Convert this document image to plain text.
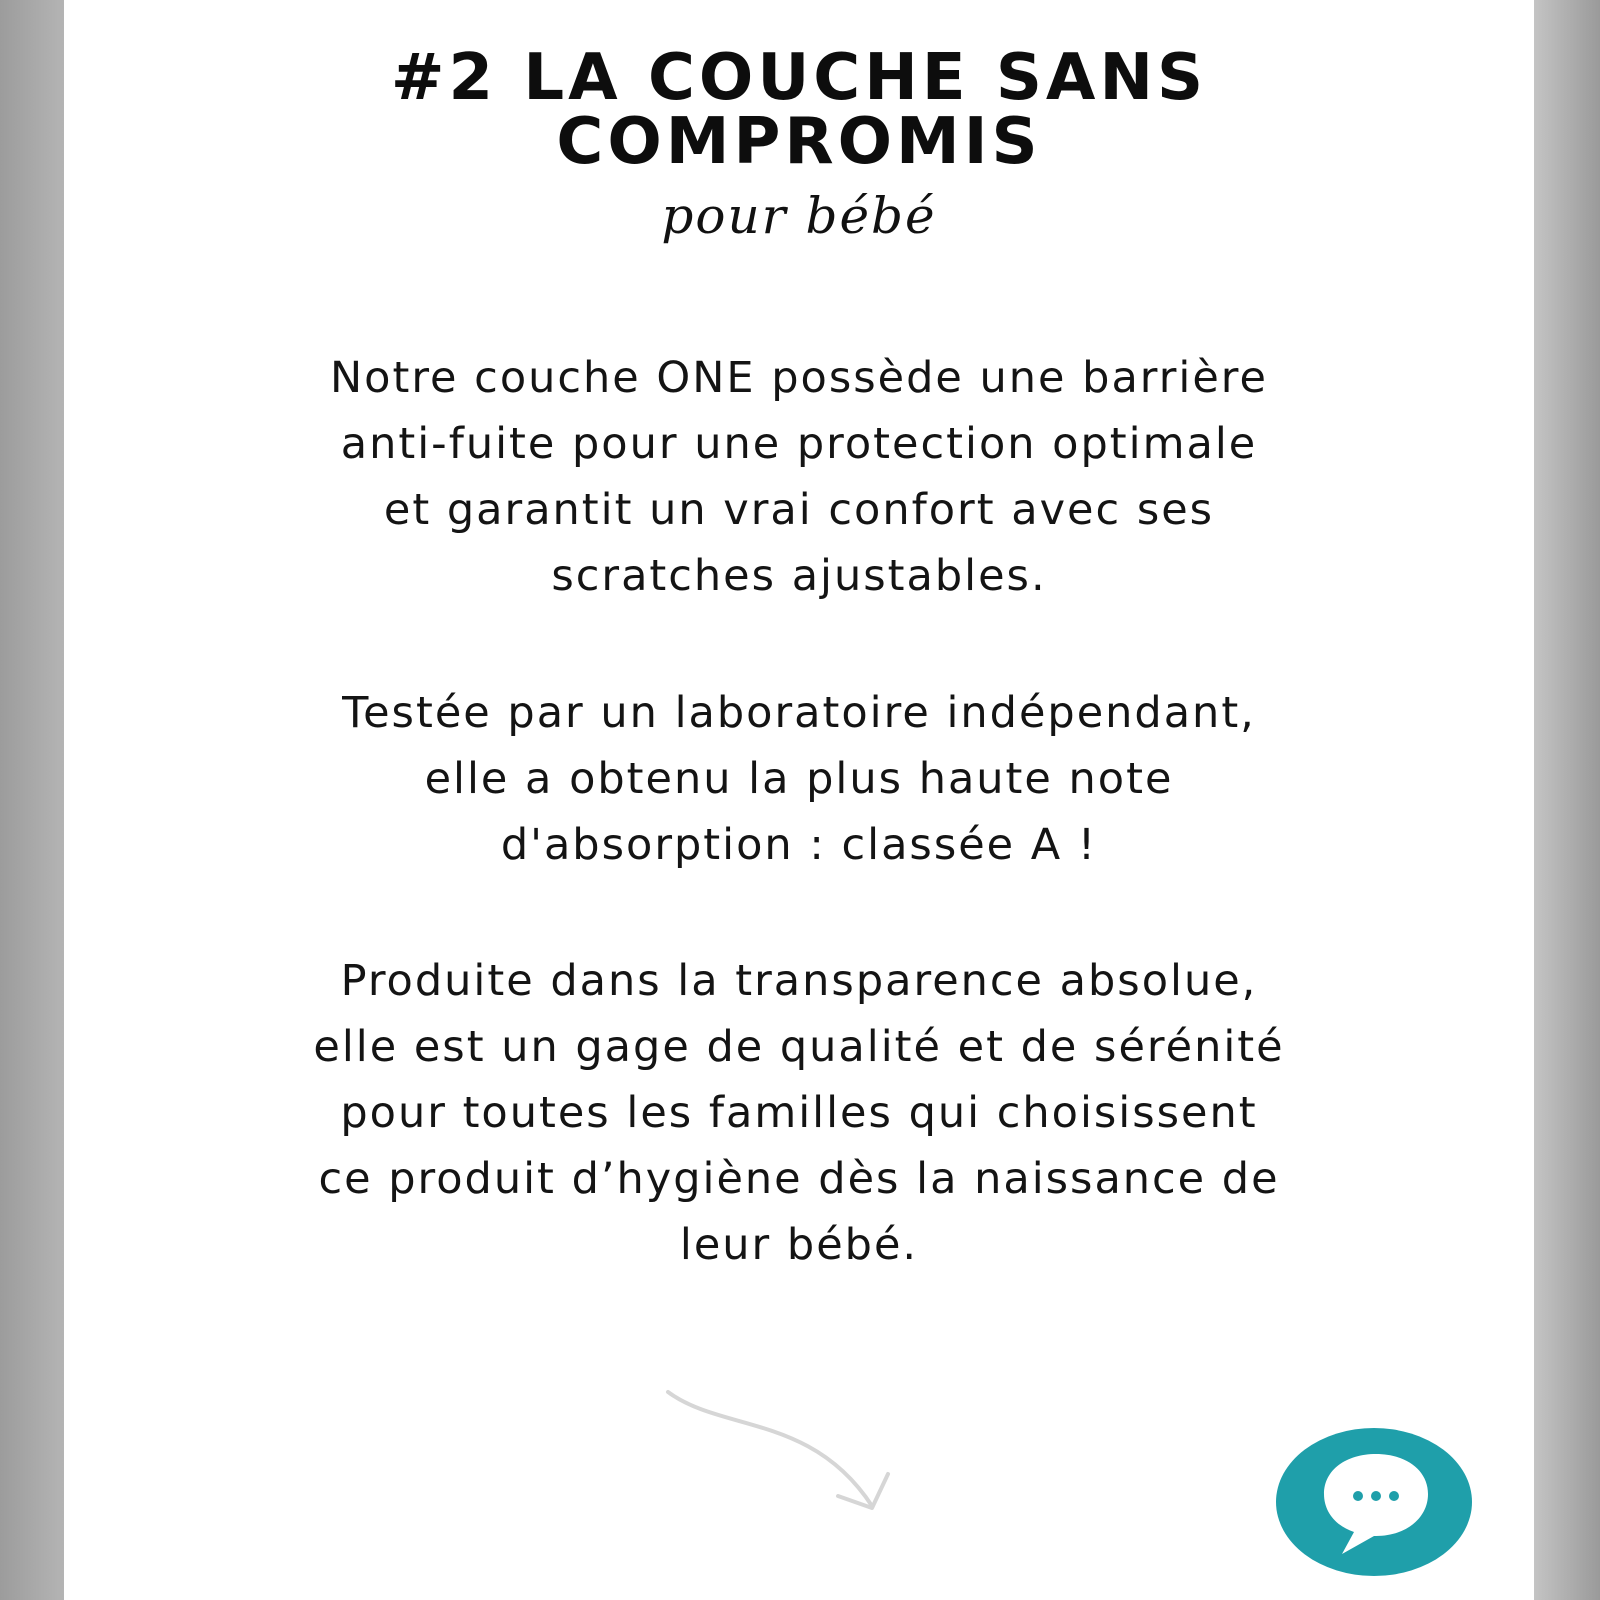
#2 LA COUCHE SANS
COMPROMIS
pour bébé

Notre couche ONE possède une barrière
anti-fuite pour une protection optimale
et garantit un vrai confort avec ses
scratches ajustables.

Testée par un laboratoire indépendant,
elle a obtenu la plus haute note
d'absorption : classée A !

Produite dans la transparence absolue,
elle est un gage de qualité et de sérénité
pour toutes les familles qui choisissent
ce produit d’hygiène dès la naissance de
leur bébé.
